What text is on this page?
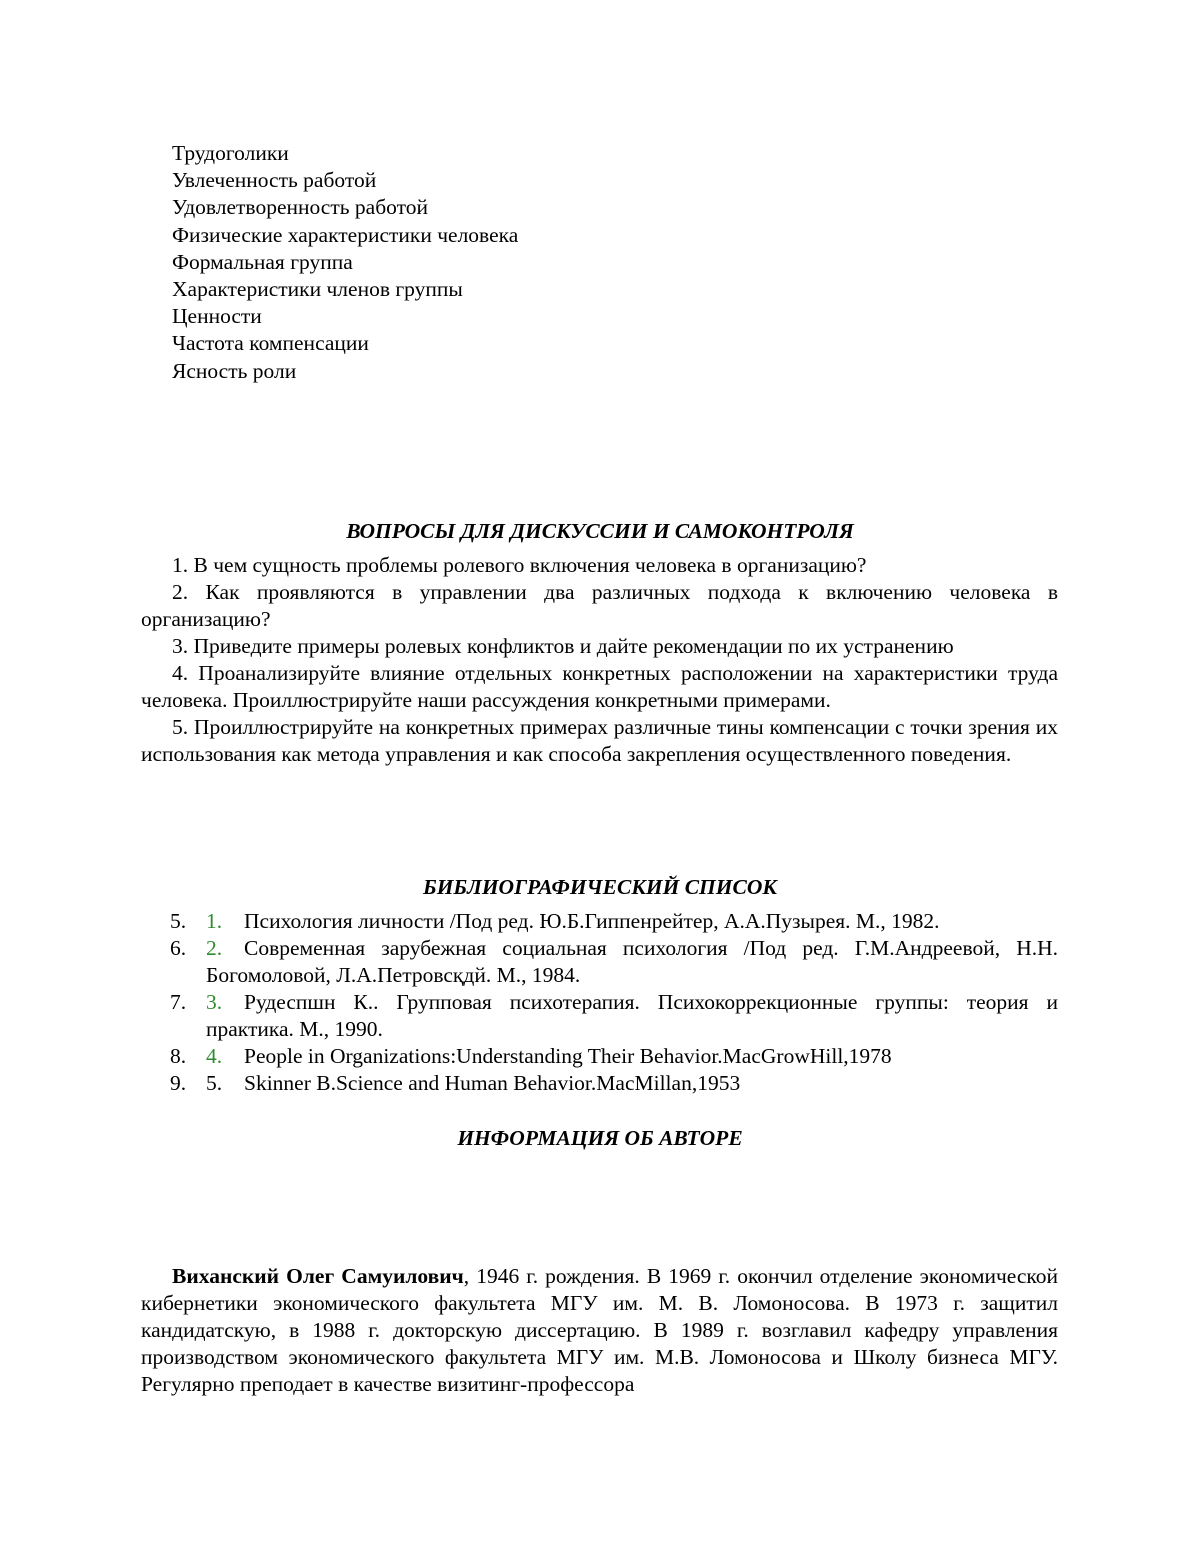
Трудоголики
Увлеченность работой
Удовлетворенность работой
Физические характеристики человека
Формальная группа
Характеристики членов группы
Ценности
Частота компенсации
Ясность роли
ВОПРОСЫ ДЛЯ ДИСКУССИИ И САМОКОНТРОЛЯ

1. В чем сущность проблемы ролевого включения человека в организацию?

2. Как проявляются в управлении два различных подхода к включению человека в организацию?

3. Приведите примеры ролевых конфликтов и дайте рекомендации по их устранению

4. Проанализируйте влияние отдельных конкретных расположении на характеристики труда человека. Проиллюстрируйте наши рассуждения конкретными примерами.

5. Проиллюстрируйте на конкретных примерах различные тины компенсации с точки зрения их использования как метода управления и как способа закрепления осуществленного поведения.

БИБЛИОГРАФИЧЕСКИЙ СПИСОК
5. 1. Психология личности /Под ред. Ю.Б.Гиппенрейтер, А.А.Пузырея. М., 1982.
6. 2. Современная зарубежная социальная психология /Под ред. Г.М.Андреевой, Н.Н. Богомоловой, Л.А.Петровсқдй. М., 1984.
7. 3. Рудеспшн К.. Групповая психотерапия. Психокоррекционные группы: теория и практика. М., 1990.
8. 4. People in Organizations:Understanding Their Behavior.MacGrowHill,1978
9. 5. Skinner B.Science and Human Behavior.MacMillan,1953
ИНФОРМАЦИЯ ОБ АВТОРЕ

Виханский Олег Самуилович, 1946 г. рождения. В 1969 г. окончил отделение экономической кибернетики экономического факультета МГУ им. М. В. Ломоносова. В 1973 г. защитил кандидатскую, в 1988 г. докторскую диссертацию. В 1989 г. возглавил кафедру управления производством экономического факультета МГУ им. М.В. Ломоносова и Школу бизнеса МГУ. Регулярно преподает в качестве визитинг-профессора
